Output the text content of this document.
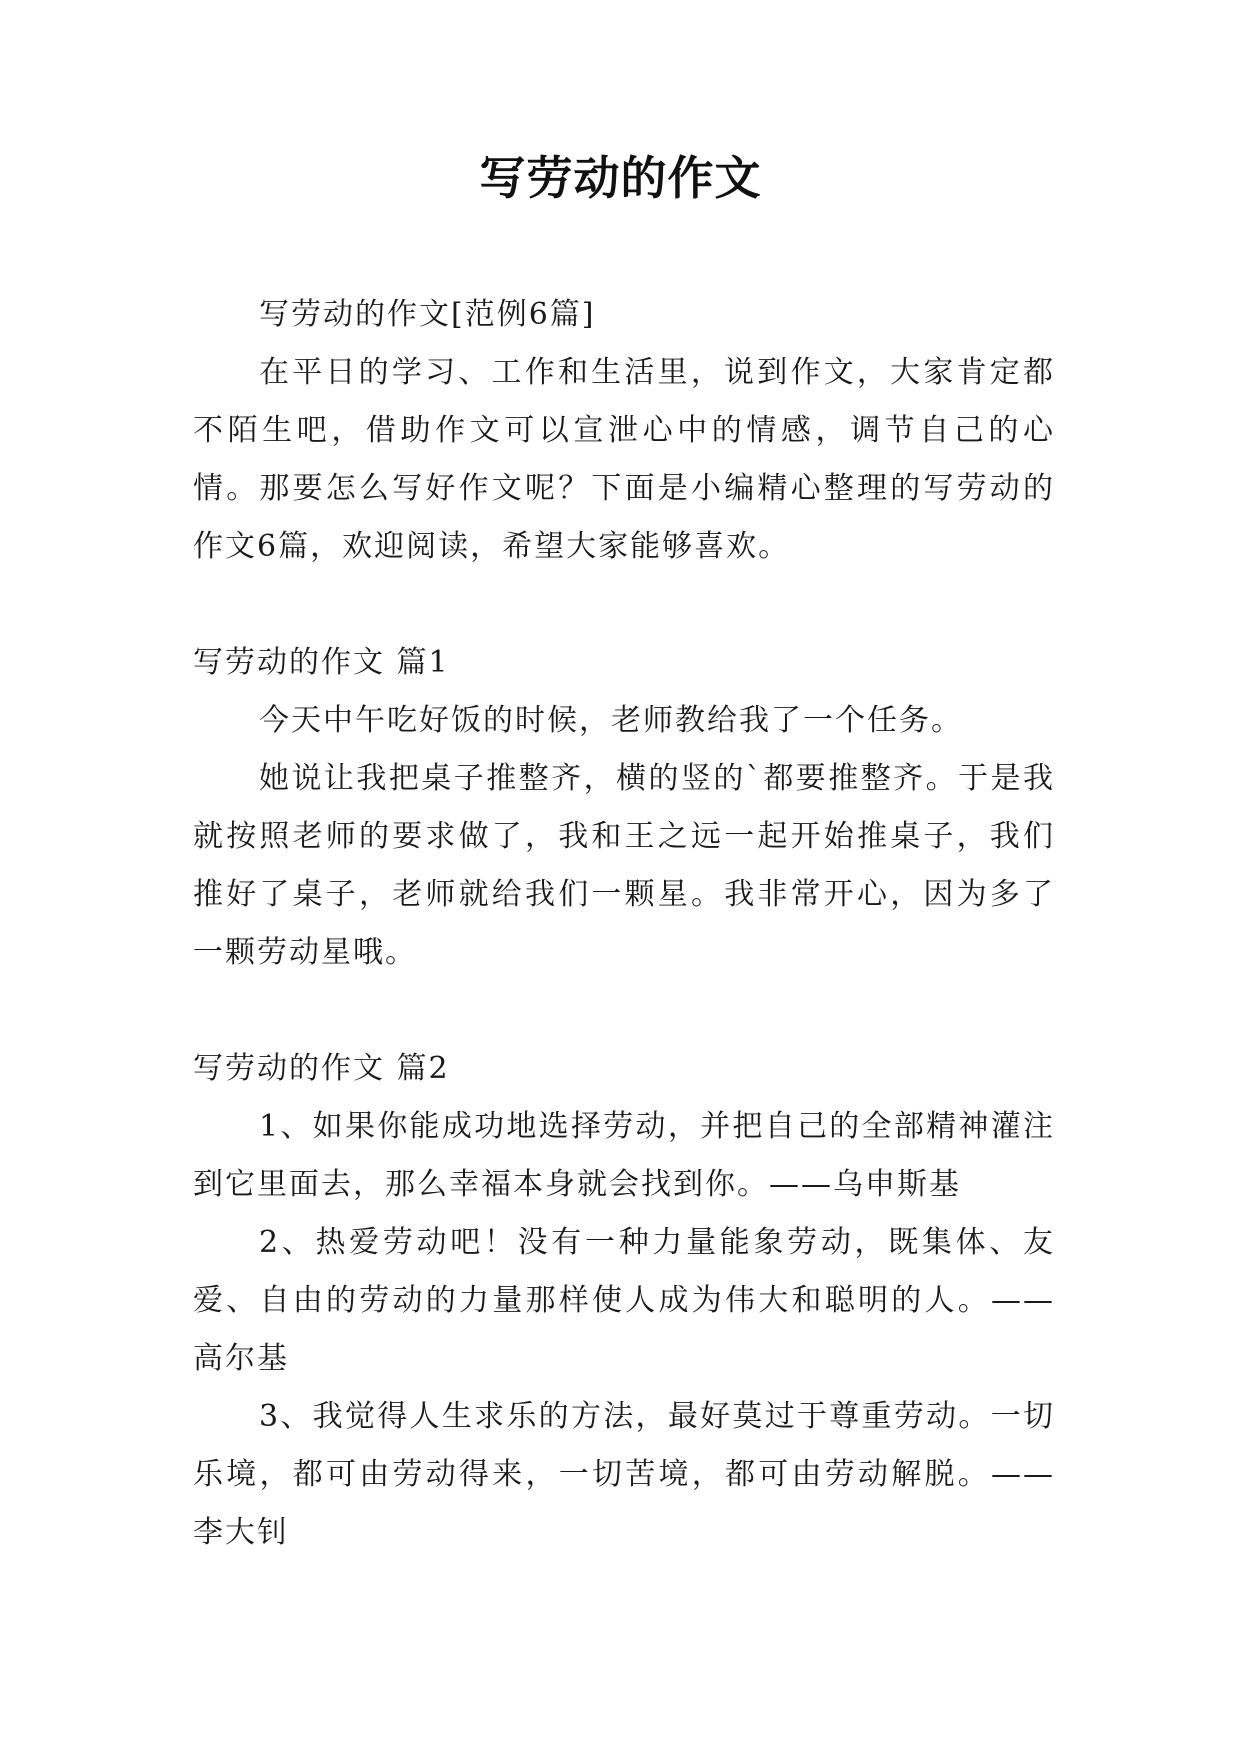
写劳动的作文

写劳动的作文[范例6篇]

在平日的学习、工作和生活里，说到作文，大家肯定都不陌生吧，借助作文可以宣泄心中的情感，调节自己的心情。那要怎么写好作文呢？下面是小编精心整理的写劳动的作文6篇，欢迎阅读，希望大家能够喜欢。

写劳动的作文 篇1

今天中午吃好饭的时候，老师教给我了一个任务。

她说让我把桌子推整齐，横的竖的`都要推整齐。于是我就按照老师的要求做了，我和王之远一起开始推桌子，我们推好了桌子，老师就给我们一颗星。我非常开心，因为多了一颗劳动星哦。

写劳动的作文 篇2

1、如果你能成功地选择劳动，并把自己的全部精神灌注到它里面去，那么幸福本身就会找到你。——乌申斯基

2、热爱劳动吧！没有一种力量能象劳动，既集体、友爱、自由的劳动的力量那样使人成为伟大和聪明的人。——高尔基

3、我觉得人生求乐的方法，最好莫过于尊重劳动。一切乐境，都可由劳动得来，一切苦境，都可由劳动解脱。——李大钊
